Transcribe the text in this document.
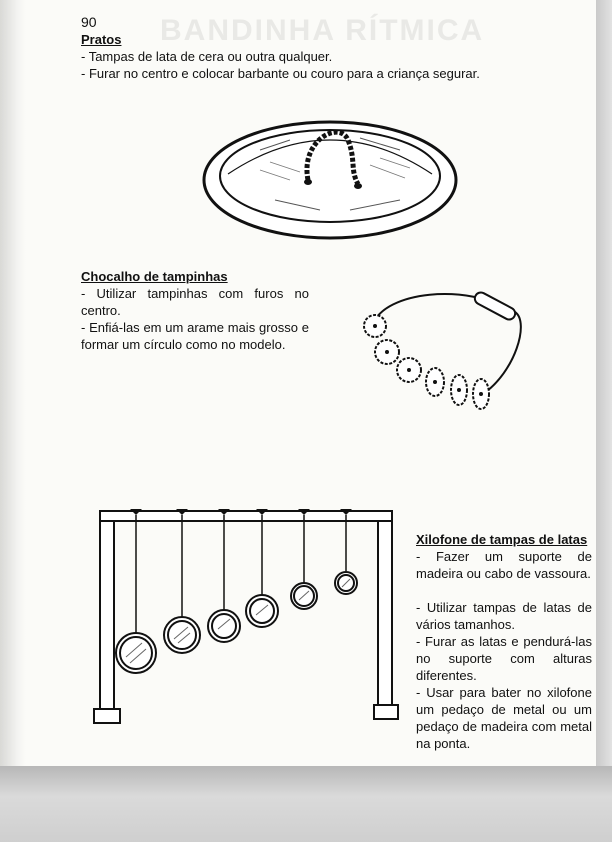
BANDINHA RÍTMICA
90
Pratos
- Tampas de lata de cera ou outra qualquer.
- Furar no centro e colocar barbante ou couro para a criança segurar.
Chocalho de tampinhas
- Utilizar tampinhas com furos no centro.
- Enfiá-las em um arame mais grosso e formar um círculo como no modelo.
Xilofone de tampas de latas
- Fazer um suporte de madeira ou cabo de vassoura.
- Utilizar tampas de latas de vários tamanhos.
- Furar as latas e pendurá-las no suporte com alturas diferentes.
- Usar para bater no xilofone um pedaço de metal ou um pedaço de madeira com metal na ponta.
